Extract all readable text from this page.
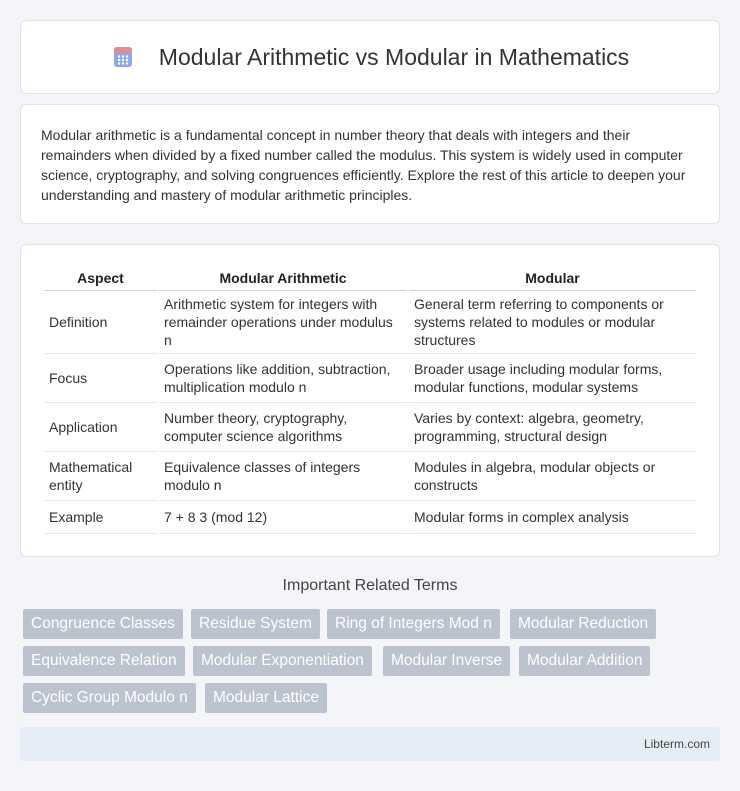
Modular Arithmetic vs Modular in Mathematics

Modular arithmetic is a fundamental concept in number theory that deals with integers and their remainders when divided by a fixed number called the modulus. This system is widely used in computer science, cryptography, and solving congruences efficiently. Explore the rest of this article to deepen your understanding and mastery of modular arithmetic principles.

Aspect	Modular Arithmetic	Modular
Definition	Arithmetic system for integers with remainder operations under modulus n	General term referring to components or systems related to modules or modular structures
Focus	Operations like addition, subtraction, multiplication modulo n	Broader usage including modular forms, modular functions, modular systems
Application	Number theory, cryptography, computer science algorithms	Varies by context: algebra, geometry, programming, structural design
Mathematical entity	Equivalence classes of integers modulo n	Modules in algebra, modular objects or constructs
Example	7 + 8 3 (mod 12)	Modular forms in complex analysis
Important Related Terms
Congruence Classes	Residue System	Ring of Integers Mod n	Modular Reduction
Equivalence Relation	Modular Exponentiation	Modular Inverse	Modular Addition
Cyclic Group Modulo n	Modular Lattice
Libterm.com
